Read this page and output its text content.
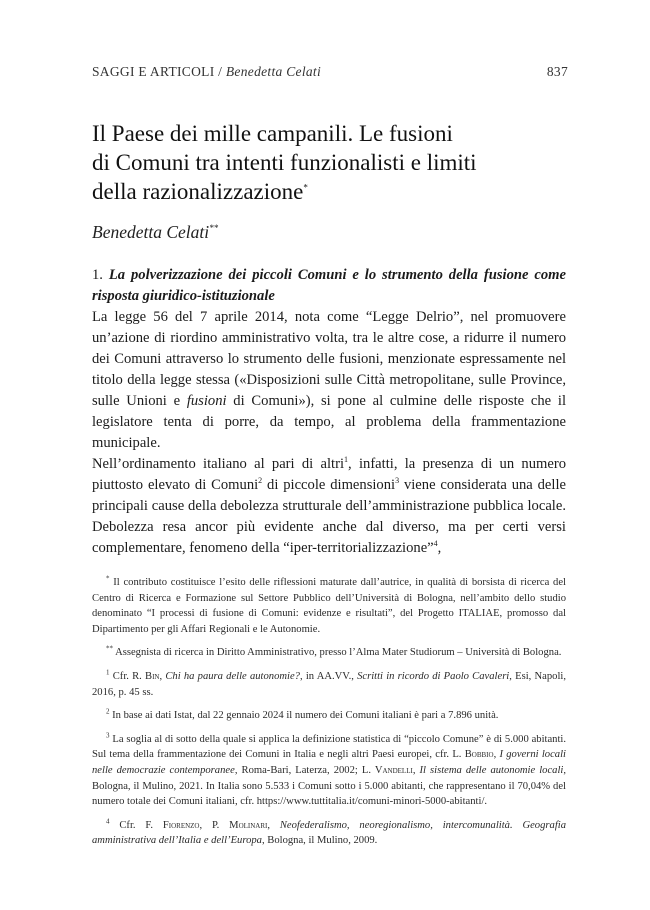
SAGGI E ARTICOLI / Benedetta Celati	837
Il Paese dei mille campanili. Le fusioni
di Comuni tra intenti funzionalisti e limiti
della razionalizzazione*
Benedetta Celati**

1. La polverizzazione dei piccoli Comuni e lo strumento della fusione come risposta giuridico-istituzionale

La legge 56 del 7 aprile 2014, nota come “Legge Delrio”, nel promuovere un’azione di riordino amministrativo volta, tra le altre cose, a ridurre il numero dei Comuni attraverso lo strumento delle fusioni, menzionate espressamente nel titolo della legge stessa («Disposizioni sulle Città metropolitane, sulle Province, sulle Unioni e fusioni di Comuni»), si pone al culmine delle risposte che il legislatore tenta di porre, da tempo, al problema della frammentazione municipale.

Nell’ordinamento italiano al pari di altri$^1$, infatti, la presenza di un numero piuttosto elevato di Comuni$^2$ di piccole dimensioni$^3$ viene considerata una delle principali cause della debolezza strutturale dell’amministrazione pubblica locale. Debolezza resa ancor più evidente anche dal diverso, ma per certi versi complementare, fenomeno della “iper-territorializzazione”$^4$,

* Il contributo costituisce l’esito delle riflessioni maturate dall’autrice, in qualità di borsista di ricerca del Centro di Ricerca e Formazione sul Settore Pubblico dell’Università di Bologna, nell’ambito dello studio denominato “I processi di fusione di Comuni: evidenze e risultati”, del Progetto ITALIAE, promosso dal Dipartimento per gli Affari Regionali e le Autonomie.

** Assegnista di ricerca in Diritto Amministrativo, presso l’Alma Mater Studiorum – Università di Bologna.

$^1$ Cfr. R. Bin, Chi ha paura delle autonomie?, in AA.VV., Scritti in ricordo di Paolo Cavaleri, Esi, Napoli, 2016, p. 45 ss.

$^2$ In base ai dati Istat, dal 22 gennaio 2024 il numero dei Comuni italiani è pari a 7.896 unità.

$^3$ La soglia al di sotto della quale si applica la definizione statistica di “piccolo Comune” è di 5.000 abitanti. Sul tema della frammentazione dei Comuni in Italia e negli altri Paesi europei, cfr. L. Bobbio, I governi locali nelle democrazie contemporanee, Roma-Bari, Laterza, 2002; L. Vandelli, Il sistema delle autonomie locali, Bologna, il Mulino, 2021. In Italia sono 5.533 i Comuni sotto i 5.000 abitanti, che rappresentano il 70,04% del numero totale dei Comuni italiani, cfr. https://www.tuttitalia.it/comuni-minori-5000-abitanti/.

$^4$ Cfr. F. Fiorenzo, P. Molinari, Neofederalismo, neoregionalismo, intercomunalità. Geografia amministrativa dell’Italia e dell’Europa, Bologna, il Mulino, 2009.
